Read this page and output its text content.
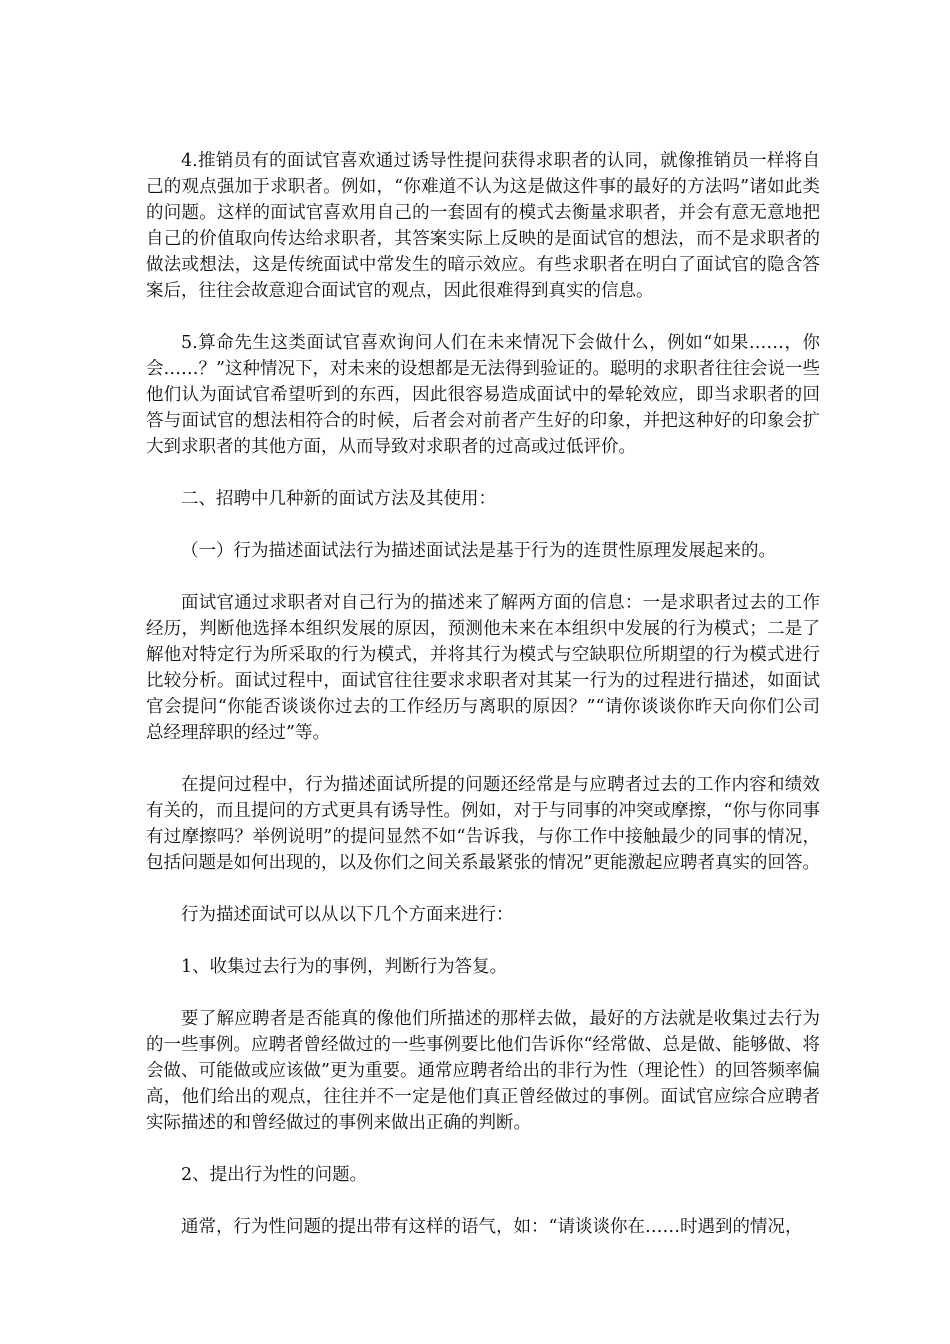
4.推销员有的面试官喜欢通过诱导性提问获得求职者的认同，就像推销员一样将自己的观点强加于求职者。例如，“你难道不认为这是做这件事的最好的方法吗”诸如此类的问题。这样的面试官喜欢用自己的一套固有的模式去衡量求职者，并会有意无意地把自己的价值取向传达给求职者，其答案实际上反映的是面试官的想法，而不是求职者的做法或想法，这是传统面试中常发生的暗示效应。有些求职者在明白了面试官的隐含答案后，往往会故意迎合面试官的观点，因此很难得到真实的信息。

5.算命先生这类面试官喜欢询问人们在未来情况下会做什么，例如“如果……，你会……？”这种情况下，对未来的设想都是无法得到验证的。聪明的求职者往往会说一些他们认为面试官希望听到的东西，因此很容易造成面试中的晕轮效应，即当求职者的回答与面试官的想法相符合的时候，后者会对前者产生好的印象，并把这种好的印象会扩大到求职者的其他方面，从而导致对求职者的过高或过低评价。

二、招聘中几种新的面试方法及其使用：

（一）行为描述面试法行为描述面试法是基于行为的连贯性原理发展起来的。

面试官通过求职者对自己行为的描述来了解两方面的信息：一是求职者过去的工作经历，判断他选择本组织发展的原因，预测他未来在本组织中发展的行为模式；二是了解他对特定行为所采取的行为模式，并将其行为模式与空缺职位所期望的行为模式进行比较分析。面试过程中，面试官往往要求求职者对其某一行为的过程进行描述，如面试官会提问“你能否谈谈你过去的工作经历与离职的原因？”“请你谈谈你昨天向你们公司总经理辞职的经过”等。

在提问过程中，行为描述面试所提的问题还经常是与应聘者过去的工作内容和绩效有关的，而且提问的方式更具有诱导性。例如，对于与同事的冲突或摩擦，“你与你同事有过摩擦吗？举例说明”的提问显然不如“告诉我，与你工作中接触最少的同事的情况，包括问题是如何出现的，以及你们之间关系最紧张的情况”更能激起应聘者真实的回答。

行为描述面试可以从以下几个方面来进行：

1、收集过去行为的事例，判断行为答复。

要了解应聘者是否能真的像他们所描述的那样去做，最好的方法就是收集过去行为的一些事例。应聘者曾经做过的一些事例要比他们告诉你“经常做、总是做、能够做、将会做、可能做或应该做”更为重要。通常应聘者给出的非行为性（理论性）的回答频率偏高，他们给出的观点，往往并不一定是他们真正曾经做过的事例。面试官应综合应聘者实际描述的和曾经做过的事例来做出正确的判断。

2、提出行为性的问题。

通常，行为性问题的提出带有这样的语气，如：“请谈谈你在……时遇到的情况，
